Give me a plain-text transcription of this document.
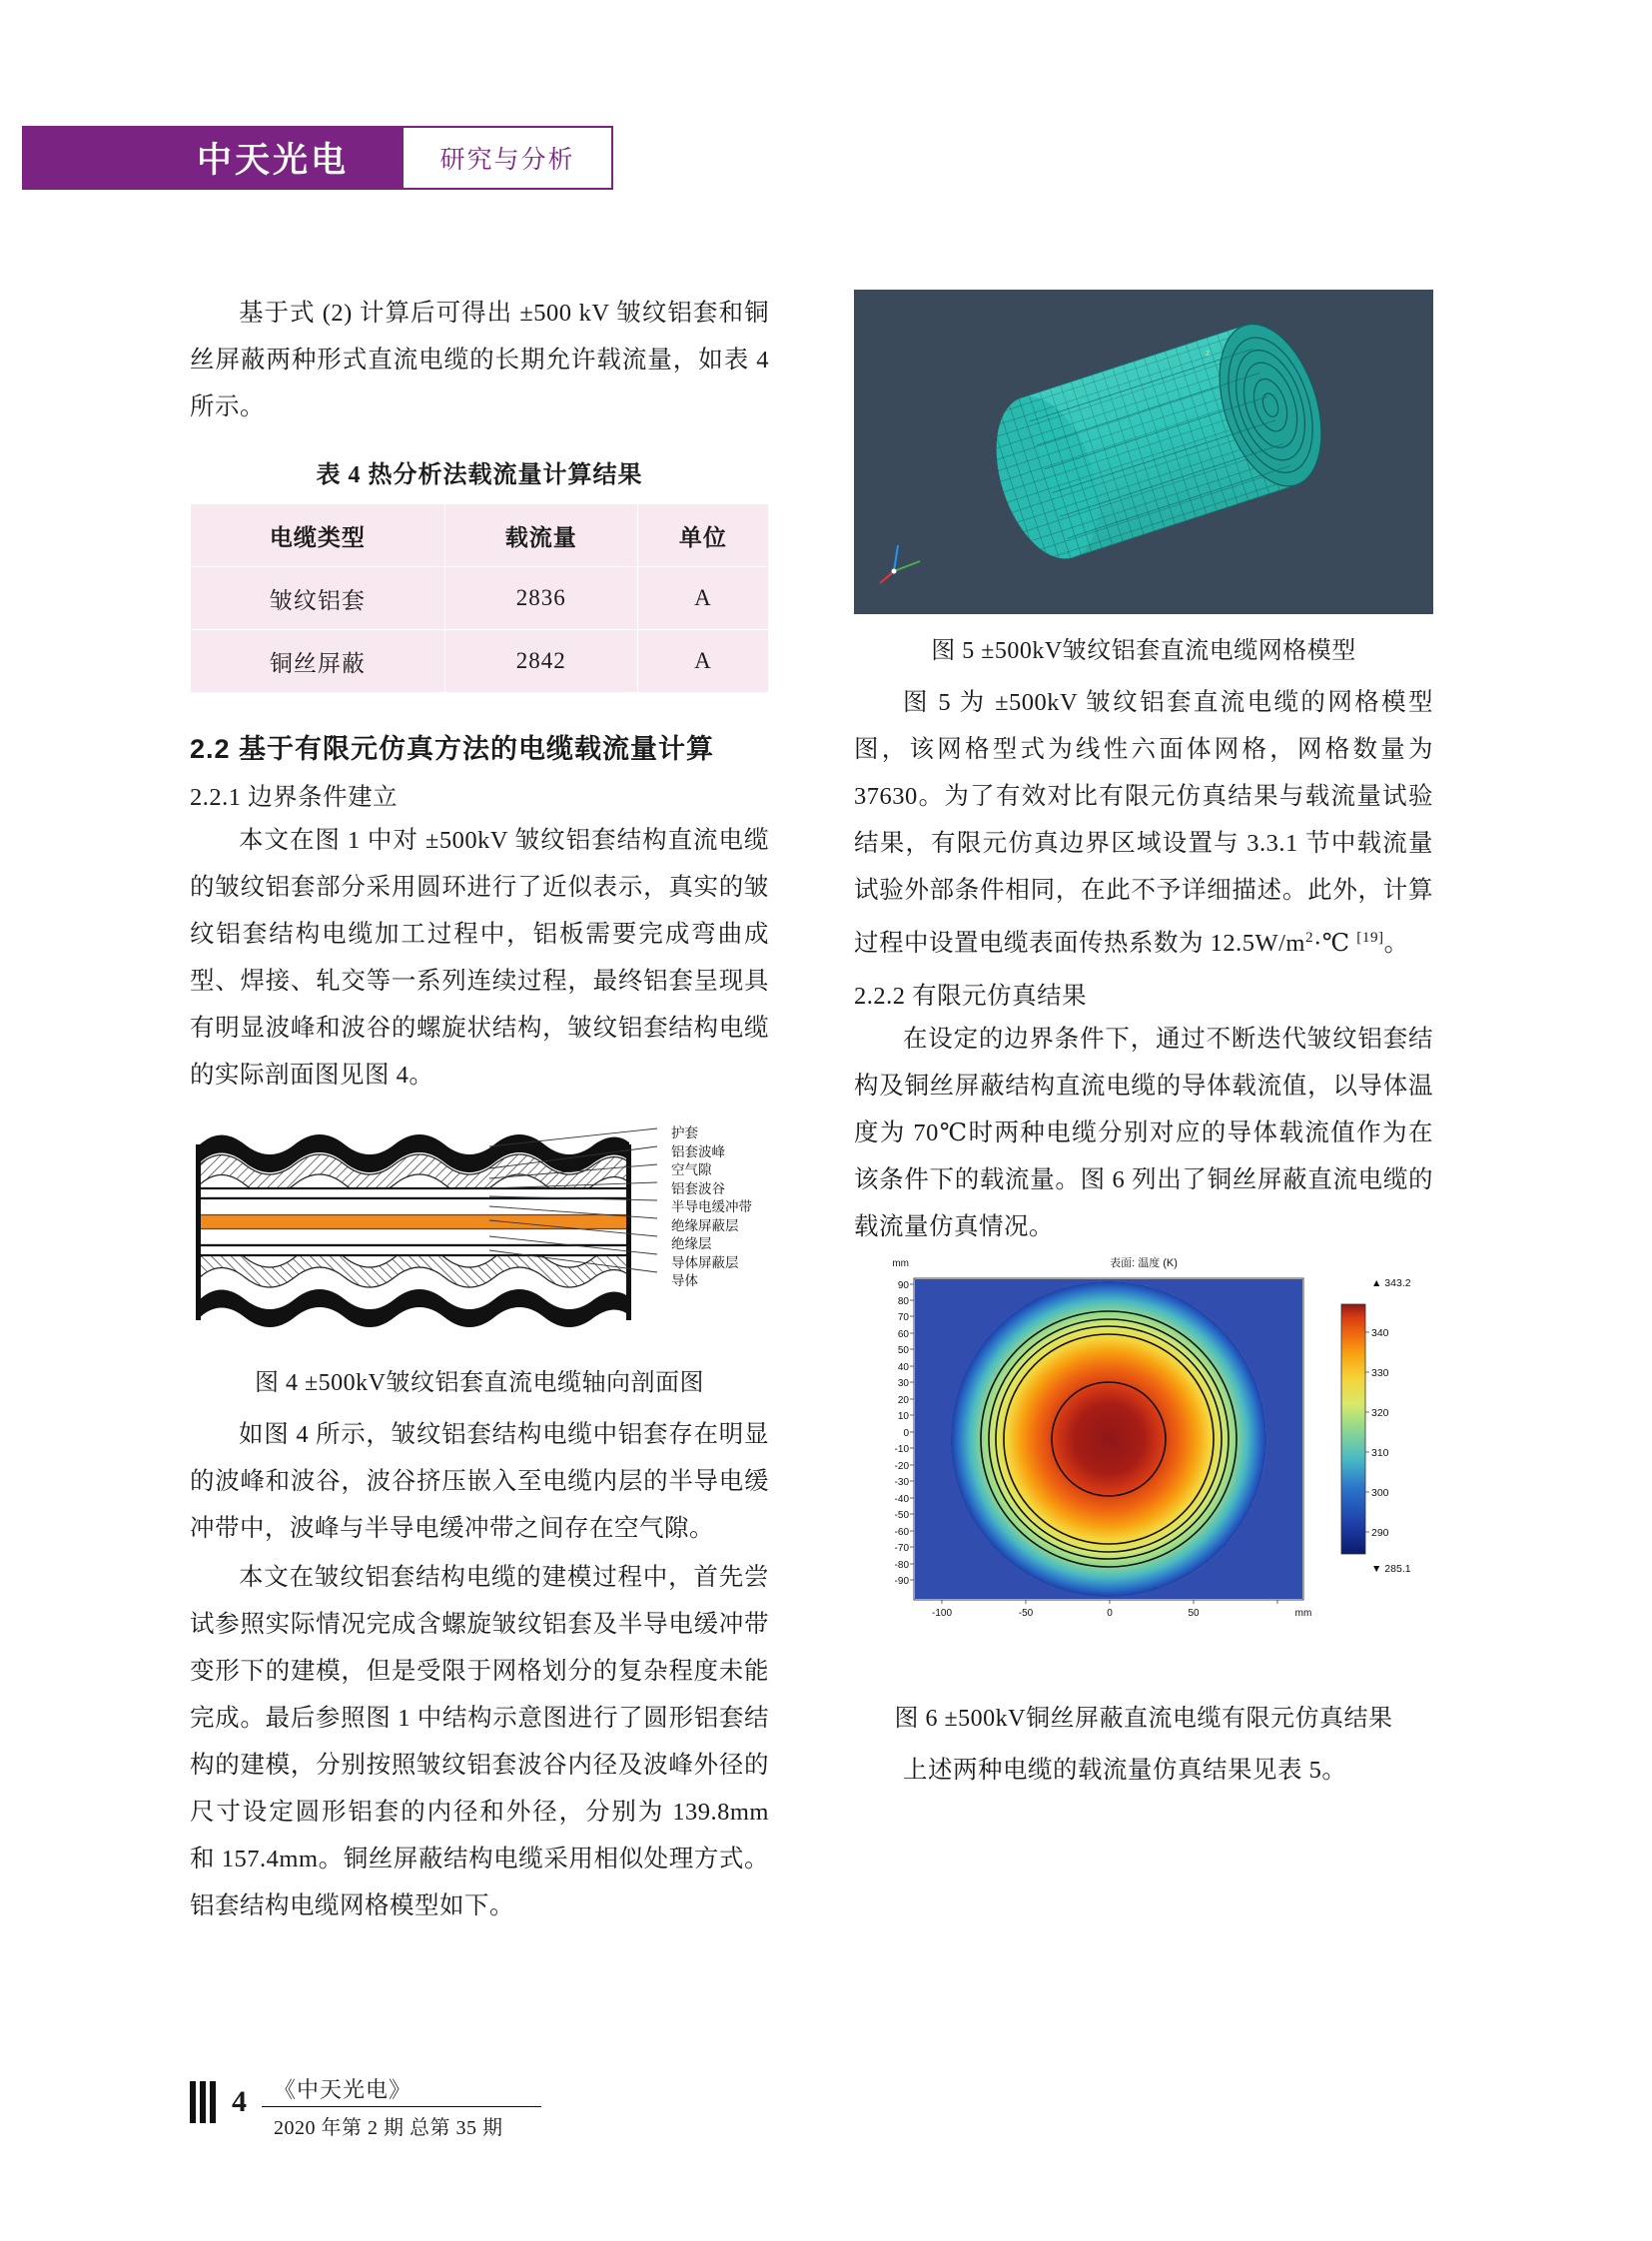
中天光电	研究与分析

基于式 (2) 计算后可得出 ±500 kV 皱纹铝套和铜丝屏蔽两种形式直流电缆的长期允许载流量，如表 4 所示。

表 4 热分析法载流量计算结果
电缆类型	载流量	单位
皱纹铝套	2836	A
铜丝屏蔽	2842	A
2.2 基于有限元仿真方法的电缆载流量计算
2.2.1 边界条件建立

本文在图 1 中对 ±500kV 皱纹铝套结构直流电缆的皱纹铝套部分采用圆环进行了近似表示，真实的皱纹铝套结构电缆加工过程中，铝板需要完成弯曲成型、焊接、轧交等一系列连续过程，最终铝套呈现具有明显波峰和波谷的螺旋状结构，皱纹铝套结构电缆的实际剖面图见图 4。

护套
铝套波峰
空气隙
铝套波谷
半导电缓冲带
绝缘屏蔽层
绝缘层
导体屏蔽层
导体
图 4 ±500kV皱纹铝套直流电缆轴向剖面图

如图 4 所示，皱纹铝套结构电缆中铝套存在明显的波峰和波谷，波谷挤压嵌入至电缆内层的半导电缓冲带中，波峰与半导电缓冲带之间存在空气隙。

本文在皱纹铝套结构电缆的建模过程中，首先尝试参照实际情况完成含螺旋皱纹铝套及半导电缓冲带变形下的建模，但是受限于网格划分的复杂程度未能完成。最后参照图 1 中结构示意图进行了圆形铝套结构的建模，分别按照皱纹铝套波谷内径及波峰外径的尺寸设定圆形铝套的内径和外径，分别为 139.8mm 和 157.4mm。铜丝屏蔽结构电缆采用相似处理方式。铝套结构电缆网格模型如下。

z
图 5 ±500kV皱纹铝套直流电缆网格模型

图 5 为 ±500kV 皱纹铝套直流电缆的网格模型图，该网格型式为线性六面体网格，网格数量为 37630。为了有效对比有限元仿真结果与载流量试验结果，有限元仿真边界区域设置与 3.3.1 节中载流量试验外部条件相同，在此不予详细描述。此外，计算过程中设置电缆表面传热系数为 $12.5W/m^2\cdot℃$ [19]。

2.2.2 有限元仿真结果

在设定的边界条件下，通过不断迭代皱纹铝套结构及铜丝屏蔽结构直流电缆的导体载流值，以导体温度为 70℃时两种电缆分别对应的导体载流值作为在该条件下的载流量。图 6 列出了铜丝屏蔽直流电缆的载流量仿真情况。

表面: 温度 (K)
mm
90
80
70
60
50
40
30
20
10
0
-10
-20
-30
-40
-50
-60
-70
-80
-90
-100	-50	0	50	mm
▲ 343.2
340
330
320
310
300
290
▼ 285.1
图 6 ±500kV铜丝屏蔽直流电缆有限元仿真结果

上述两种电缆的载流量仿真结果见表 5。

4	《中天光电》
2020 年第 2 期 总第 35 期
